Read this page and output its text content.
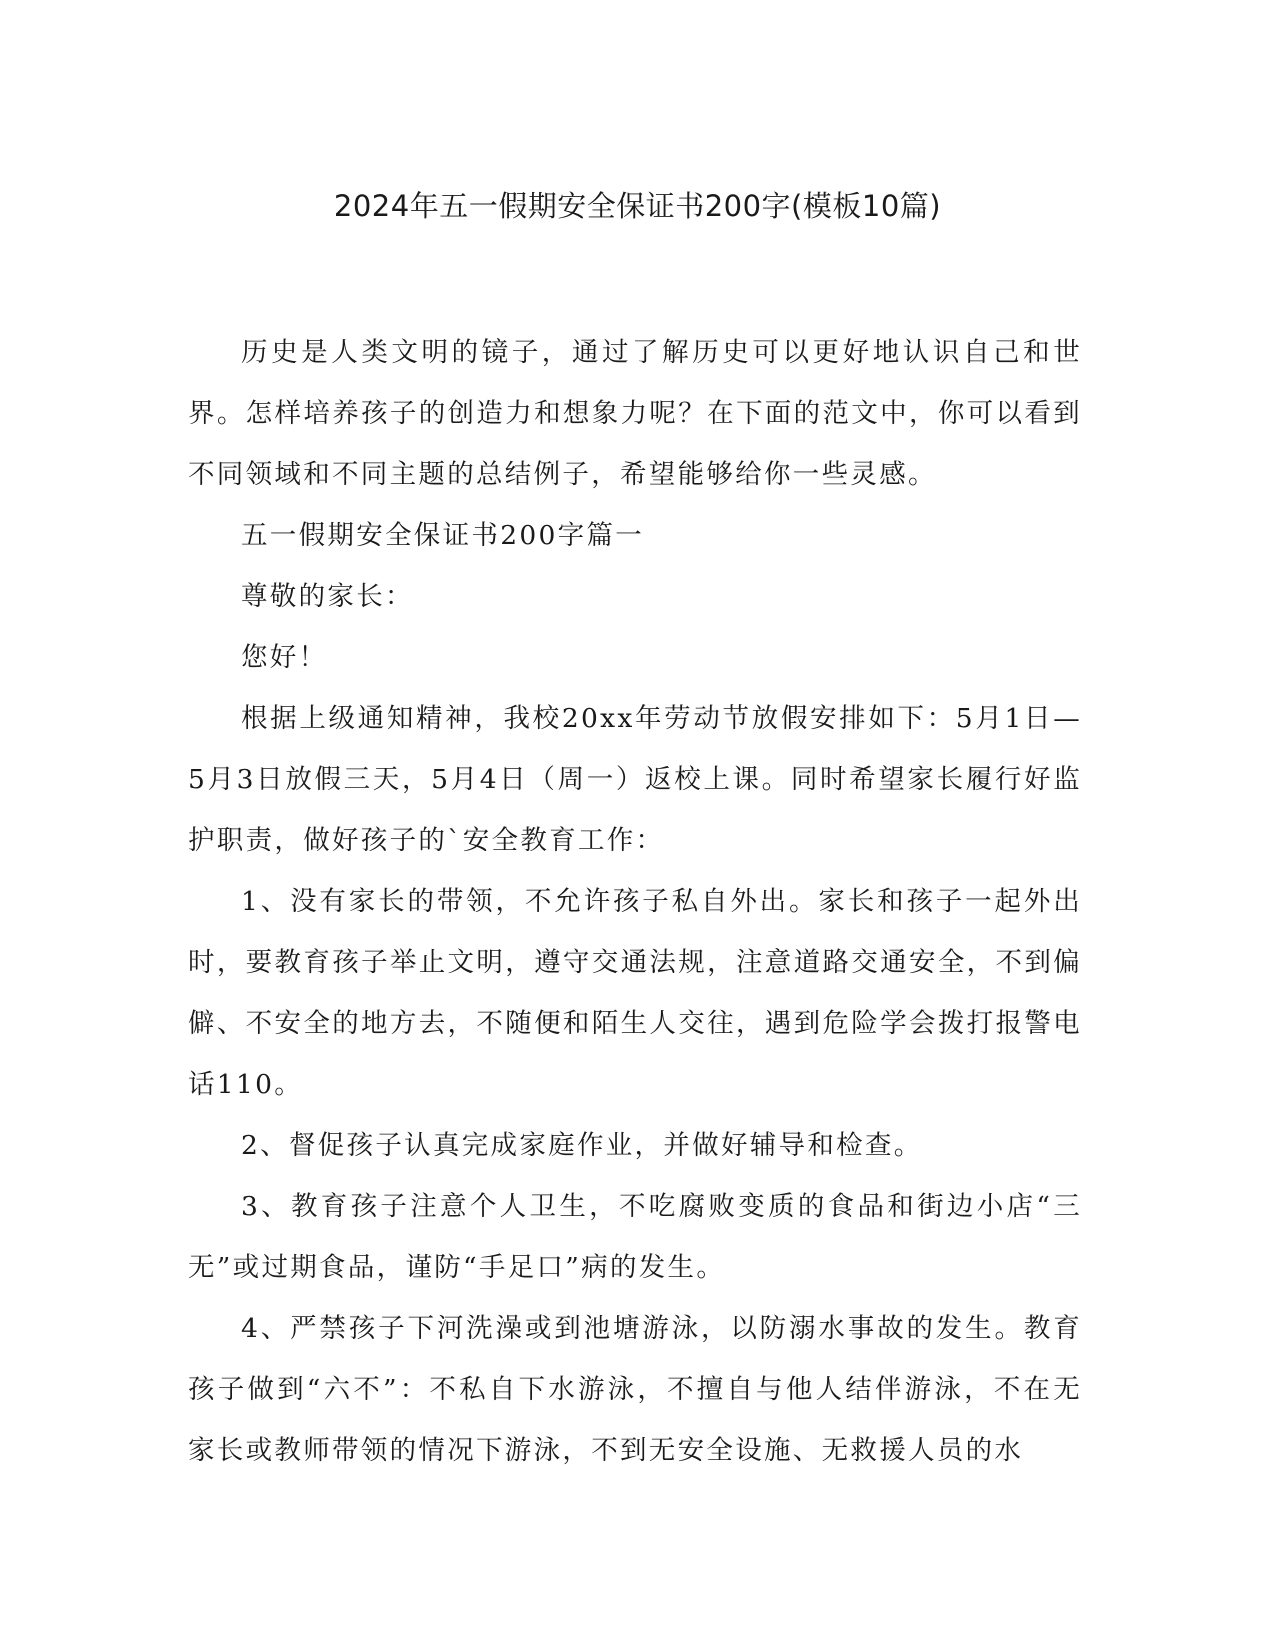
2024年五一假期安全保证书200字(模板10篇)

历史是人类文明的镜子，通过了解历史可以更好地认识自己和世界。怎样培养孩子的创造力和想象力呢？在下面的范文中，你可以看到不同领域和不同主题的总结例子，希望能够给你一些灵感。

五一假期安全保证书200字篇一

尊敬的家长：

您好！

根据上级通知精神，我校20xx年劳动节放假安排如下：5月1日—5月3日放假三天，5月4日（周一）返校上课。同时希望家长履行好监护职责，做好孩子的`安全教育工作：

1、没有家长的带领，不允许孩子私自外出。家长和孩子一起外出时，要教育孩子举止文明，遵守交通法规，注意道路交通安全，不到偏僻、不安全的地方去，不随便和陌生人交往，遇到危险学会拨打报警电话110。

2、督促孩子认真完成家庭作业，并做好辅导和检查。

3、教育孩子注意个人卫生，不吃腐败变质的食品和街边小店“三无”或过期食品，谨防“手足口”病的发生。

4、严禁孩子下河洗澡或到池塘游泳，以防溺水事故的发生。教育孩子做到“六不”：不私自下水游泳，不擅自与他人结伴游泳，不在无家长或教师带领的情况下游泳，不到无安全设施、无救援人员的水
